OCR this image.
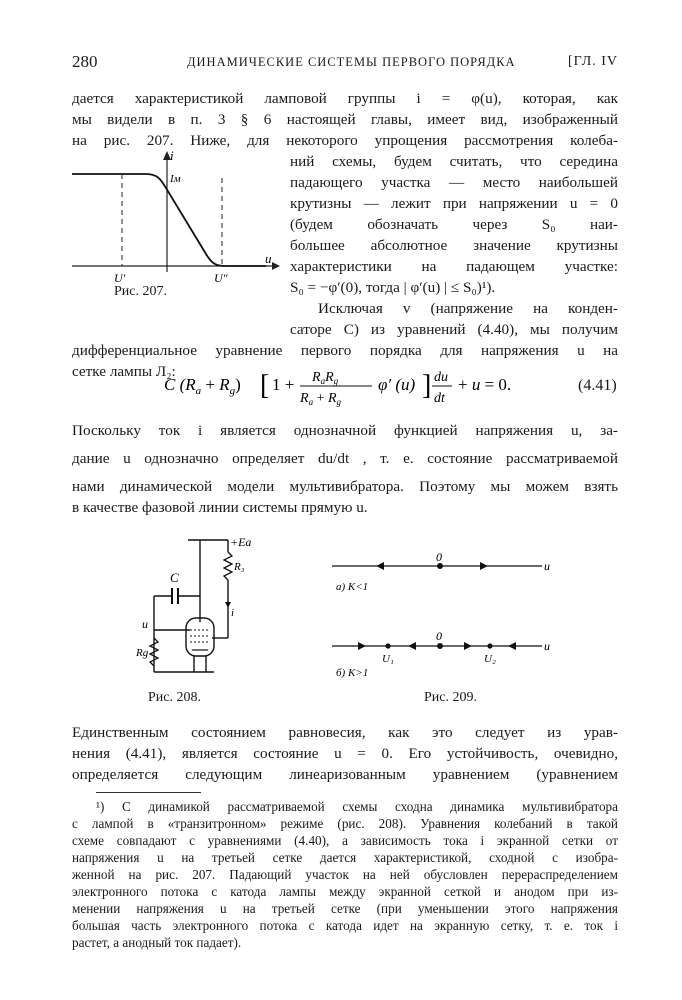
280	ДИНАМИЧЕСКИЕ СИСТЕМЫ ПЕРВОГО ПОРЯДКА	[ГЛ. IV
дается характеристикой ламповой группы i = φ(u), которая, как
мы видели в п. 3 § 6 настоящей главы, имеет вид, изображенный
на рис. 207. Ниже, для некоторого упрощения рассмотрения колеба-
ний схемы, будем считать, что середина
падающего участка — место наибольшей
крутизны — лежит при напряжении u = 0
(будем обозначать через S₀ наи-
большее абсолютное значение крутизны
характеристики на падающем участке:
S₀ = −φ′(0), тогда | φ′(u) | ≤ S₀)¹).
Исключая v (напряжение на конден-
саторе C) из уравнений (4.40), мы получим
дифференциальное уравнение первого порядка для напряжения u на
сетке лампы Л₂:
i
Iм
u
U′	U″
Рис. 207.
C $(R_a + R_g)$ [ $1 + R_aR_g$
$R_a + R_g$
φ′ (u) ] du
dt
+ u = 0.	(4.41)
Поскольку ток i является однозначной функцией напряжения u, за-
дание u однозначно определяет du/dt , т. е. состояние рассматриваемой
нами динамической модели мультивибратора. Поэтому мы можем взять
в качестве фазовой линии системы прямую u.
+Ea
R₃
C
u
i
Rg
Рис. 208.
0
u
а) K<1
0
U₁	U₂
u
б) K>1
Рис. 209.
Единственным состоянием равновесия, как это следует из урав-
нения (4.41), является состояние u = 0. Его устойчивость, очевидно,
определяется следующим линеаризованным уравнением (уравнением
¹) С динамикой рассматриваемой схемы сходна динамика мультивибратора
с лампой в «транзитронном» режиме (рис. 208). Уравнения колебаний в такой
схеме совпадают с уравнениями (4.40), а зависимость тока i экранной сетки от
напряжения u на третьей сетке дается характеристикой, сходной с изобра-
женной на рис. 207. Падающий участок на ней обусловлен перераспределением
электронного потока с катода лампы между экранной сеткой и анодом при из-
менении напряжения u на третьей сетке (при уменьшении этого напряжения
большая часть электронного потока с катода идет на экранную сетку, т. е. ток i
растет, а анодный ток падает).
